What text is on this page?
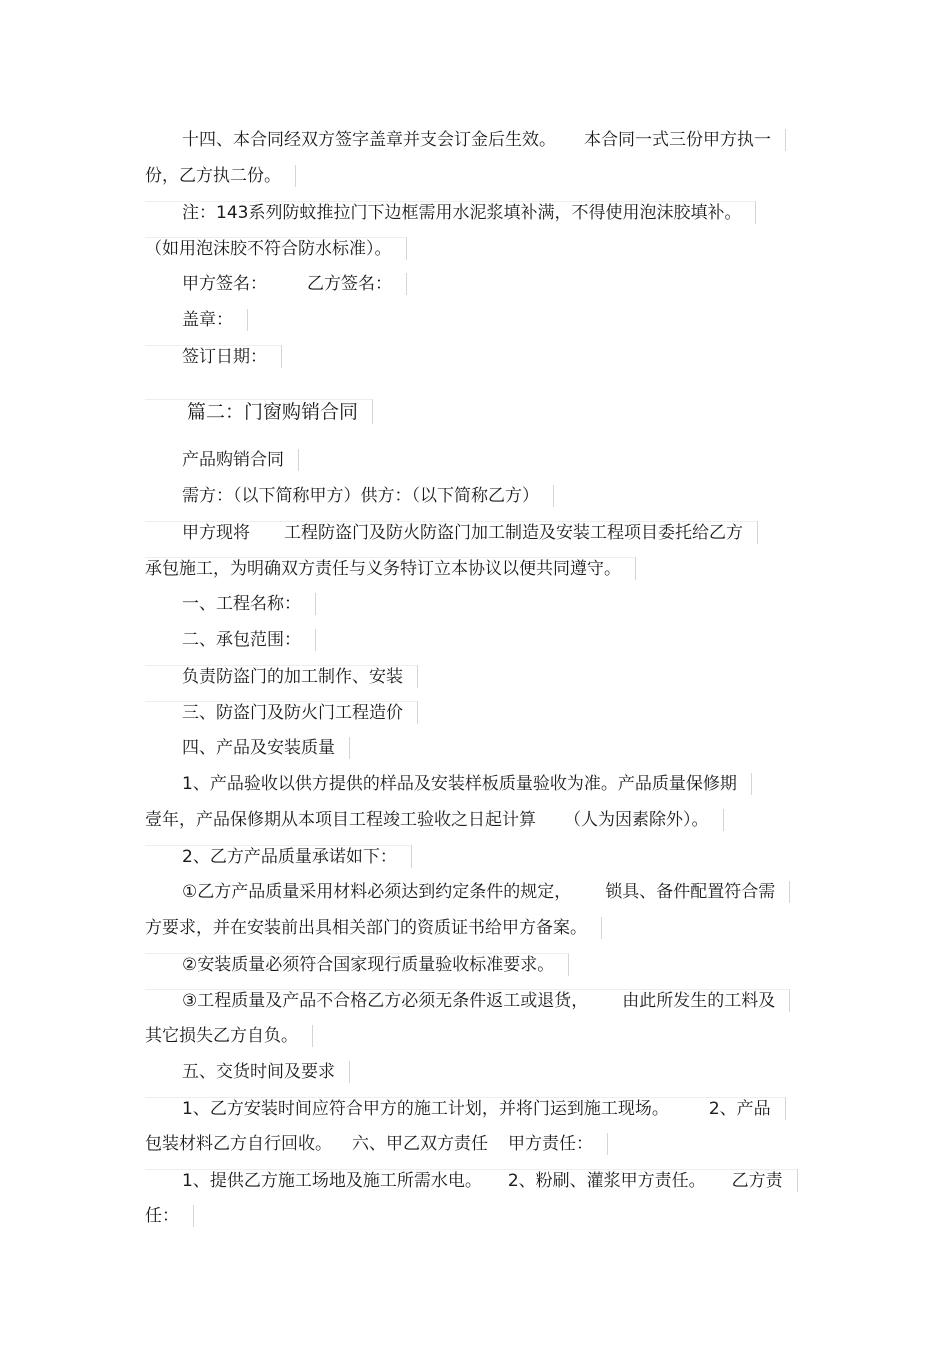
十四、本合同经双方签字盖章并支会订金后生效。 本合同一式三份甲方执一
份，乙方执二份。
注：143系列防蚊推拉门下边框需用水泥浆填补满，不得使用泡沫胶填补。
（如用泡沫胶不符合防水标准）。
甲方签名： 乙方签名：
盖章：
签订日期：
篇二：门窗购销合同
产品购销合同
需方：（以下简称甲方）供方：（以下简称乙方）
甲方现将 工程防盗门及防火防盗门加工制造及安装工程项目委托给乙方
承包施工，为明确双方责任与义务特订立本协议以便共同遵守。
一、工程名称：
二、承包范围：
负责防盗门的加工制作、安装
三、防盗门及防火门工程造价
四、产品及安装质量
1、产品验收以供方提供的样品及安装样板质量验收为准。产品质量保修期
壹年，产品保修期从本项目工程竣工验收之日起计算 （人为因素除外）。
2、乙方产品质量承诺如下：
①乙方产品质量采用材料必须达到约定条件的规定， 锁具、备件配置符合需
方要求，并在安装前出具相关部门的资质证书给甲方备案。
②安装质量必须符合国家现行质量验收标准要求。
③工程质量及产品不合格乙方必须无条件返工或退货， 由此所发生的工料及
其它损失乙方自负。
五、交货时间及要求
1、乙方安装时间应符合甲方的施工计划，并将门运到施工现场。 2、产品
包装材料乙方自行回收。 六、甲乙双方责任 甲方责任：
1、提供乙方施工场地及施工所需水电。 2、粉刷、灌浆甲方责任。 乙方责
任：
